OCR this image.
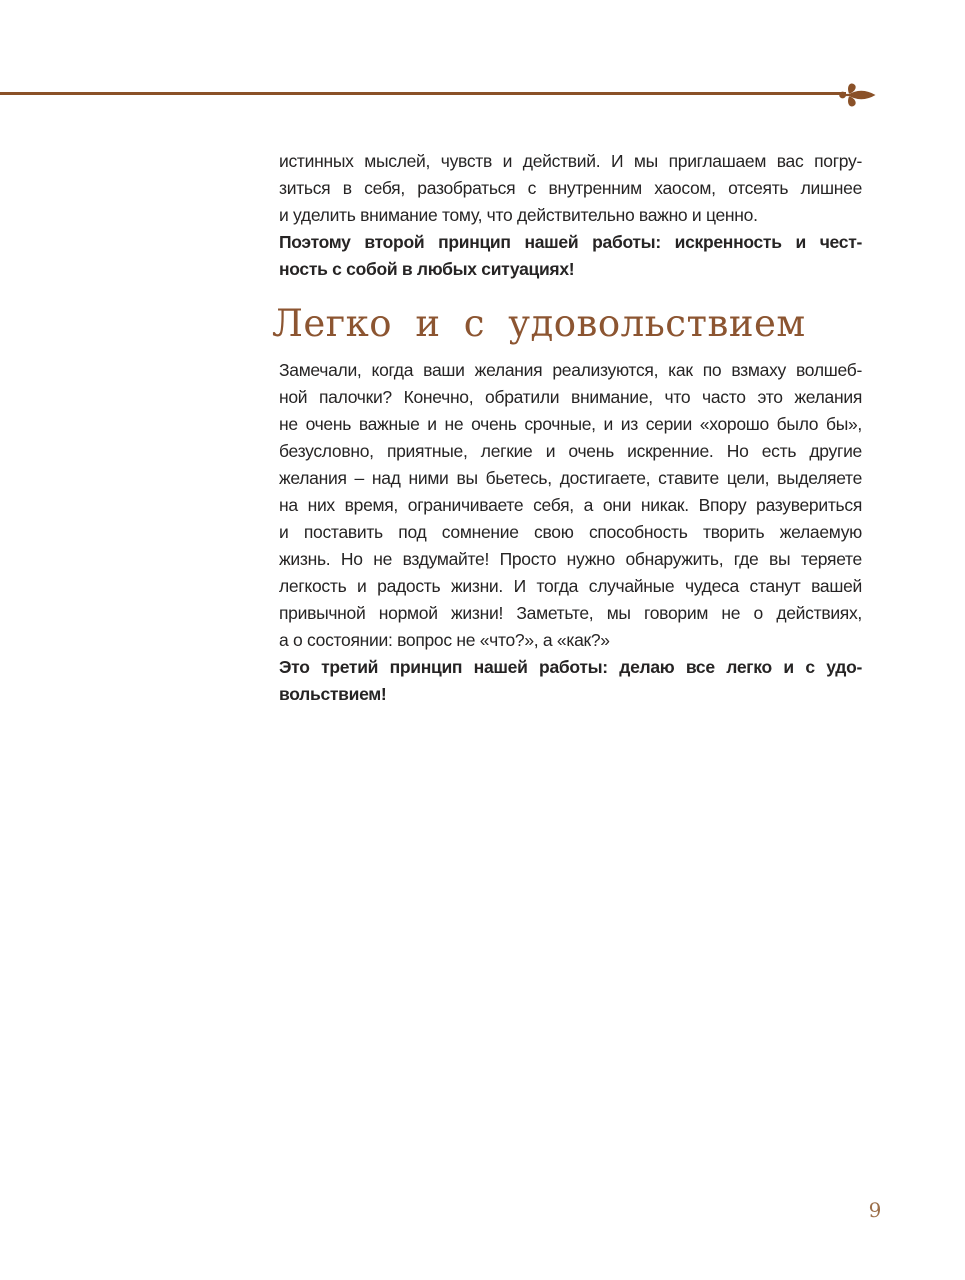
истинных мыслей, чувств и действий. И мы приглашаем вас погру-
зиться в себя, разобраться с внутренним хаосом, отсеять лишнее
и уделить внимание тому, что действительно важно и ценно.
Поэтому второй принцип нашей работы: искренность и чест-
ность с собой в любых ситуациях!
Легко и с удовольствием
Замечали, когда ваши желания реализуются, как по взмаху волшеб-
ной палочки? Конечно, обратили внимание, что часто это желания
не очень важные и не очень срочные, и из серии «хорошо было бы»,
безусловно, приятные, легкие и очень искренние. Но есть другие
желания – над ними вы бьетесь, достигаете, ставите цели, выделяете
на них время, ограничиваете себя, а они никак. Впору разувериться
и поставить под сомнение свою способность творить желаемую
жизнь. Но не вздумайте! Просто нужно обнаружить, где вы теряете
легкость и радость жизни. И тогда случайные чудеса станут вашей
привычной нормой жизни! Заметьте, мы говорим не о действиях,
а о состоянии: вопрос не «что?», а «как?»
Это третий принцип нашей работы: делаю все легко и с удо-
вольствием!
9
